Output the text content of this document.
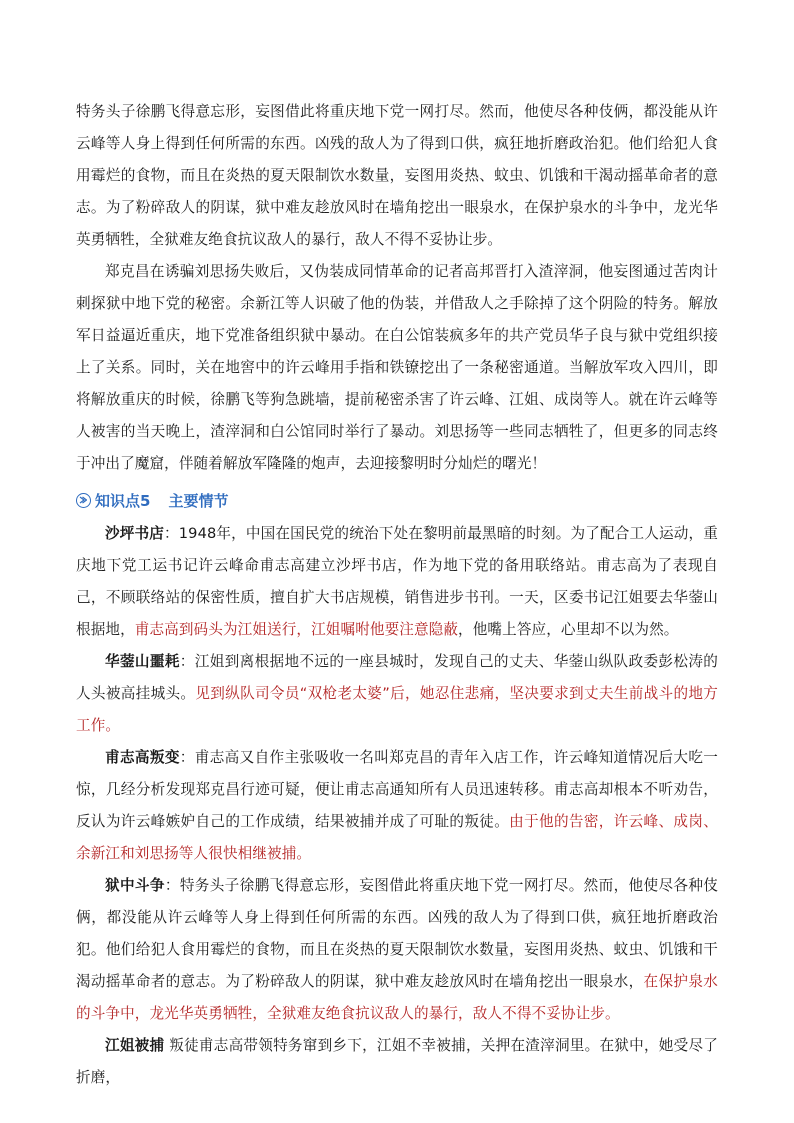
特务头子徐鹏飞得意忘形，妄图借此将重庆地下党一网打尽。然而，他使尽各种伎俩，都没能从许云峰等人身上得到任何所需的东西。凶残的敌人为了得到口供，疯狂地折磨政治犯。他们给犯人食用霉烂的食物，而且在炎热的夏天限制饮水数量，妄图用炎热、蚊虫、饥饿和干渴动摇革命者的意志。为了粉碎敌人的阴谋，狱中难友趁放风时在墙角挖出一眼泉水，在保护泉水的斗争中，龙光华英勇牺牲，全狱难友绝食抗议敌人的暴行，敌人不得不妥协让步。

郑克昌在诱骗刘思扬失败后，又伪装成同情革命的记者高邦晋打入渣滓洞，他妄图通过苦肉计刺探狱中地下党的秘密。余新江等人识破了他的伪装，并借敌人之手除掉了这个阴险的特务。解放军日益逼近重庆，地下党准备组织狱中暴动。在白公馆装疯多年的共产党员华子良与狱中党组织接上了关系。同时，关在地窖中的许云峰用手指和铁镣挖出了一条秘密通道。当解放军攻入四川，即将解放重庆的时候，徐鹏飞等狗急跳墙，提前秘密杀害了许云峰、江姐、成岗等人。就在许云峰等人被害的当天晚上，渣滓洞和白公馆同时举行了暴动。刘思扬等一些同志牺牲了，但更多的同志终于冲出了魔窟，伴随着解放军隆隆的炮声，去迎接黎明时分灿烂的曙光！

知识点5 主要情节

沙坪书店：1948年，中国在国民党的统治下处在黎明前最黑暗的时刻。为了配合工人运动，重庆地下党工运书记许云峰命甫志高建立沙坪书店，作为地下党的备用联络站。甫志高为了表现自己，不顾联络站的保密性质，擅自扩大书店规模，销售进步书刊。一天，区委书记江姐要去华蓥山根据地，甫志高到码头为江姐送行，江姐嘱咐他要注意隐蔽，他嘴上答应，心里却不以为然。

华蓥山噩耗：江姐到离根据地不远的一座县城时，发现自己的丈夫、华蓥山纵队政委彭松涛的人头被高挂城头。见到纵队司令员“双枪老太婆”后，她忍住悲痛，坚决要求到丈夫生前战斗的地方工作。

甫志高叛变：甫志高又自作主张吸收一名叫郑克昌的青年入店工作，许云峰知道情况后大吃一惊，几经分析发现郑克昌行迹可疑，便让甫志高通知所有人员迅速转移。甫志高却根本不听劝告，反认为许云峰嫉妒自己的工作成绩，结果被捕并成了可耻的叛徒。由于他的告密，许云峰、成岗、余新江和刘思扬等人很快相继被捕。

狱中斗争：特务头子徐鹏飞得意忘形，妄图借此将重庆地下党一网打尽。然而，他使尽各种伎俩，都没能从许云峰等人身上得到任何所需的东西。凶残的敌人为了得到口供，疯狂地折磨政治犯。他们给犯人食用霉烂的食物，而且在炎热的夏天限制饮水数量，妄图用炎热、蚊虫、饥饿和干渴动摇革命者的意志。为了粉碎敌人的阴谋，狱中难友趁放风时在墙角挖出一眼泉水，在保护泉水的斗争中，龙光华英勇牺牲，全狱难友绝食抗议敌人的暴行，敌人不得不妥协让步。

江姐被捕 叛徒甫志高带领特务窜到乡下，江姐不幸被捕，关押在渣滓洞里。在狱中，她受尽了折磨，
